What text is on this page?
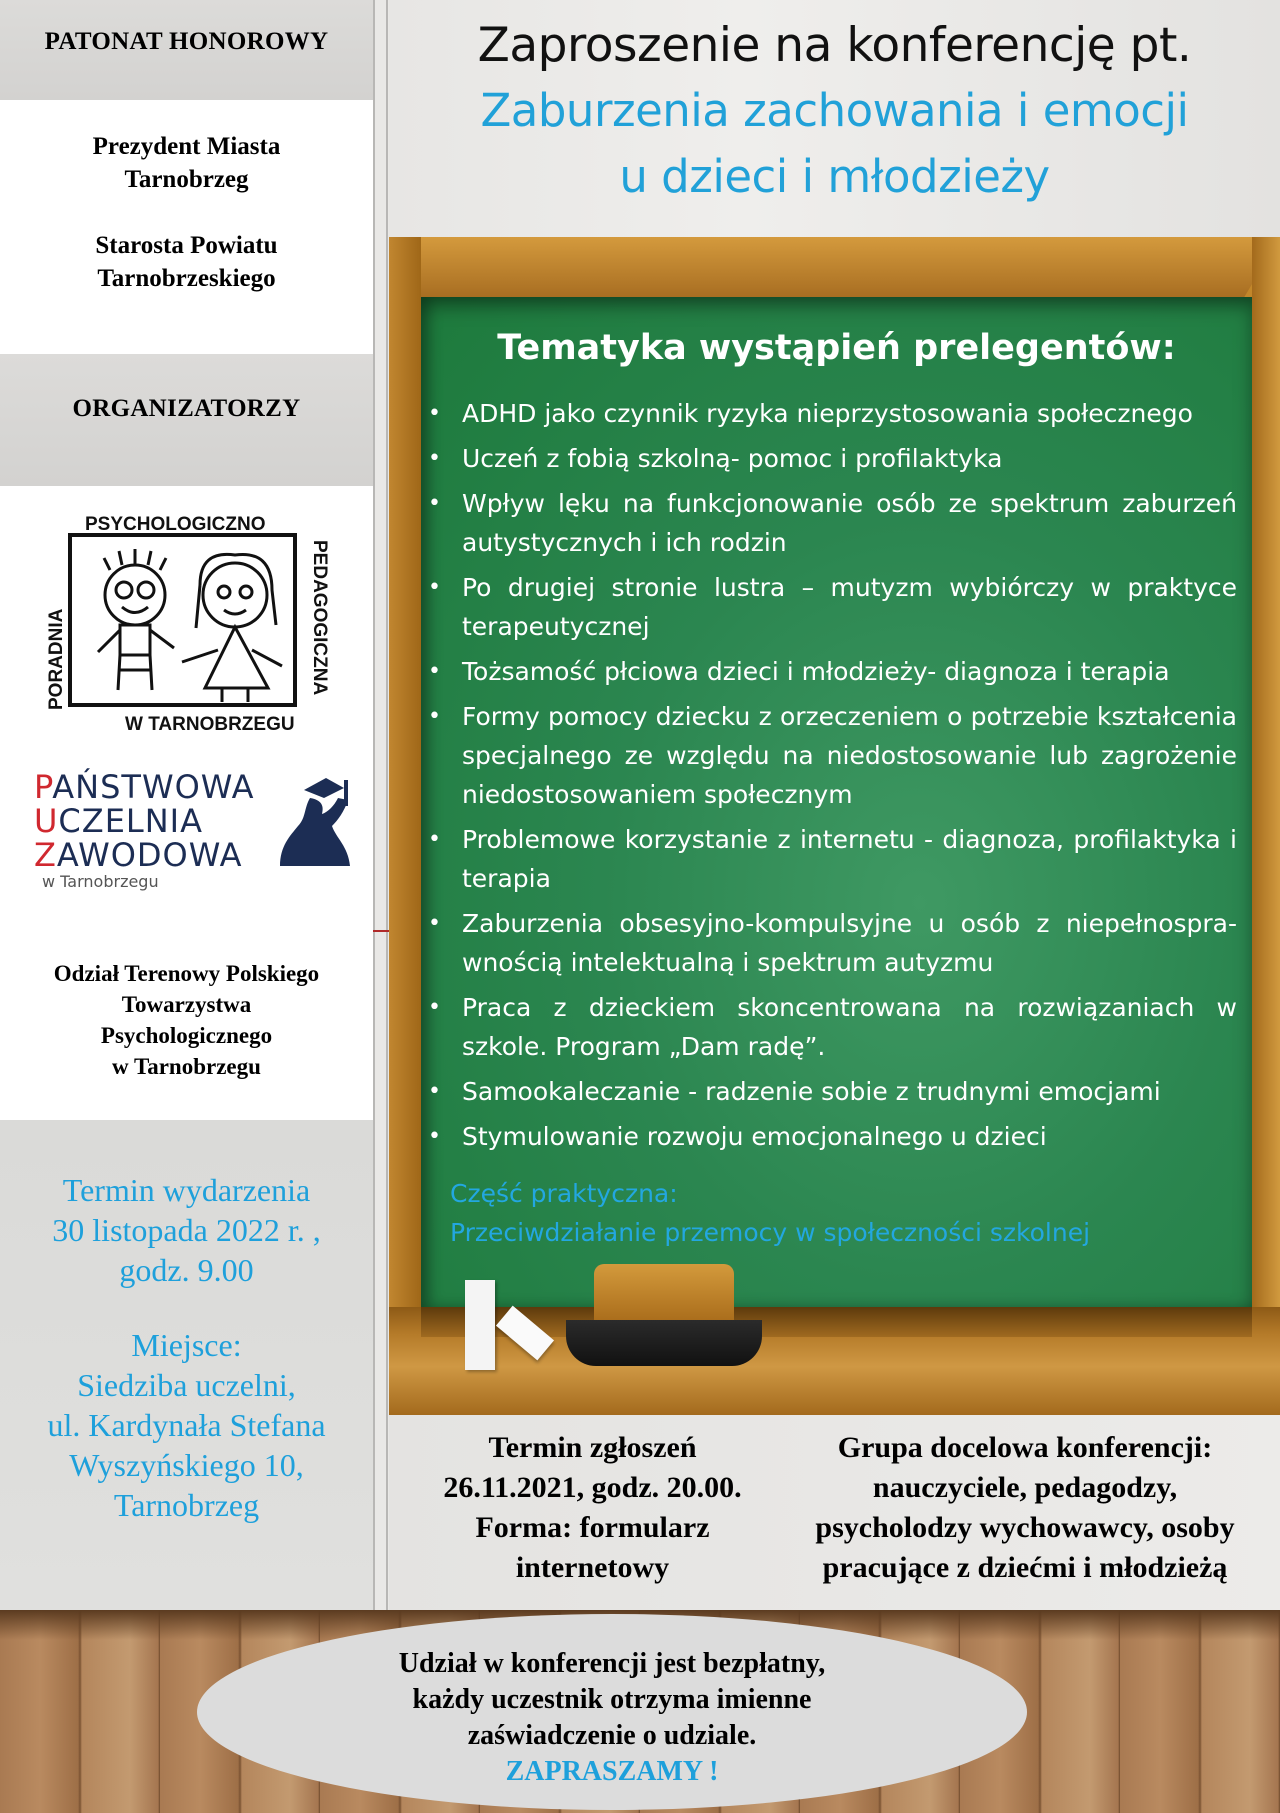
PATONAT HONOROWY
Prezydent Miasta
Tarnobrzeg
Starosta Powiatu
Tarnobrzeskiego
ORGANIZATORZY
PSYCHOLOGICZNO
PORADNIA	PEDAGOGICZNA
W TARNOBRZEGU
PAŃSTWOWA
UCZELNIA
ZAWODOWA
w Tarnobrzegu
Odział Terenowy Polskiego
Towarzystwa
Psychologicznego
w Tarnobrzegu
Termin wydarzenia
30 listopada 2022 r. ,
godz. 9.00
Miejsce:
Siedziba uczelni,
ul. Kardynała Stefana
Wyszyńskiego 10,
Tarnobrzeg
Zaproszenie na konferencję pt.
Zaburzenia zachowania i emocji
u dzieci i młodzieży
Tematyka wystąpień prelegentów:
• ADHD jako czynnik ryzyka nieprzystosowania społecznego
• Uczeń z fobią szkolną- pomoc i profilaktyka
• Wpływ lęku na funkcjonowanie osób ze spektrum zaburzeń autystycznych i ich rodzin
• Po drugiej stronie lustra – mutyzm wybiórczy w praktyce terapeutycznej
• Tożsamość płciowa dzieci i młodzieży- diagnoza i terapia
• Formy pomocy dziecku z orzeczeniem o potrzebie kształcenia specjalnego ze względu na niedostosowanie lub zagrożenie niedostosowaniem społecznym
• Problemowe korzystanie z internetu - diagnoza, profilaktyka i terapia
• Zaburzenia obsesyjno-kompulsyjne u osób z niepełnospra-wnością intelektualną i spektrum autyzmu
• Praca z dzieckiem skoncentrowana na rozwiązaniach w szkole. Program „Dam radę”.
• Samookaleczanie - radzenie sobie z trudnymi emocjami
• Stymulowanie rozwoju emocjonalnego u dzieci
Część praktyczna:
Przeciwdziałanie przemocy w społeczności szkolnej
Termin zgłoszeń
26.11.2021, godz. 20.00.
Forma: formularz
internetowy
Grupa docelowa konferencji:
nauczyciele, pedagodzy,
psycholodzy wychowawcy, osoby
pracujące z dziećmi i młodzieżą
Udział w konferencji jest bezpłatny,
każdy uczestnik otrzyma imienne
zaświadczenie o udziale.
ZAPRASZAMY !
